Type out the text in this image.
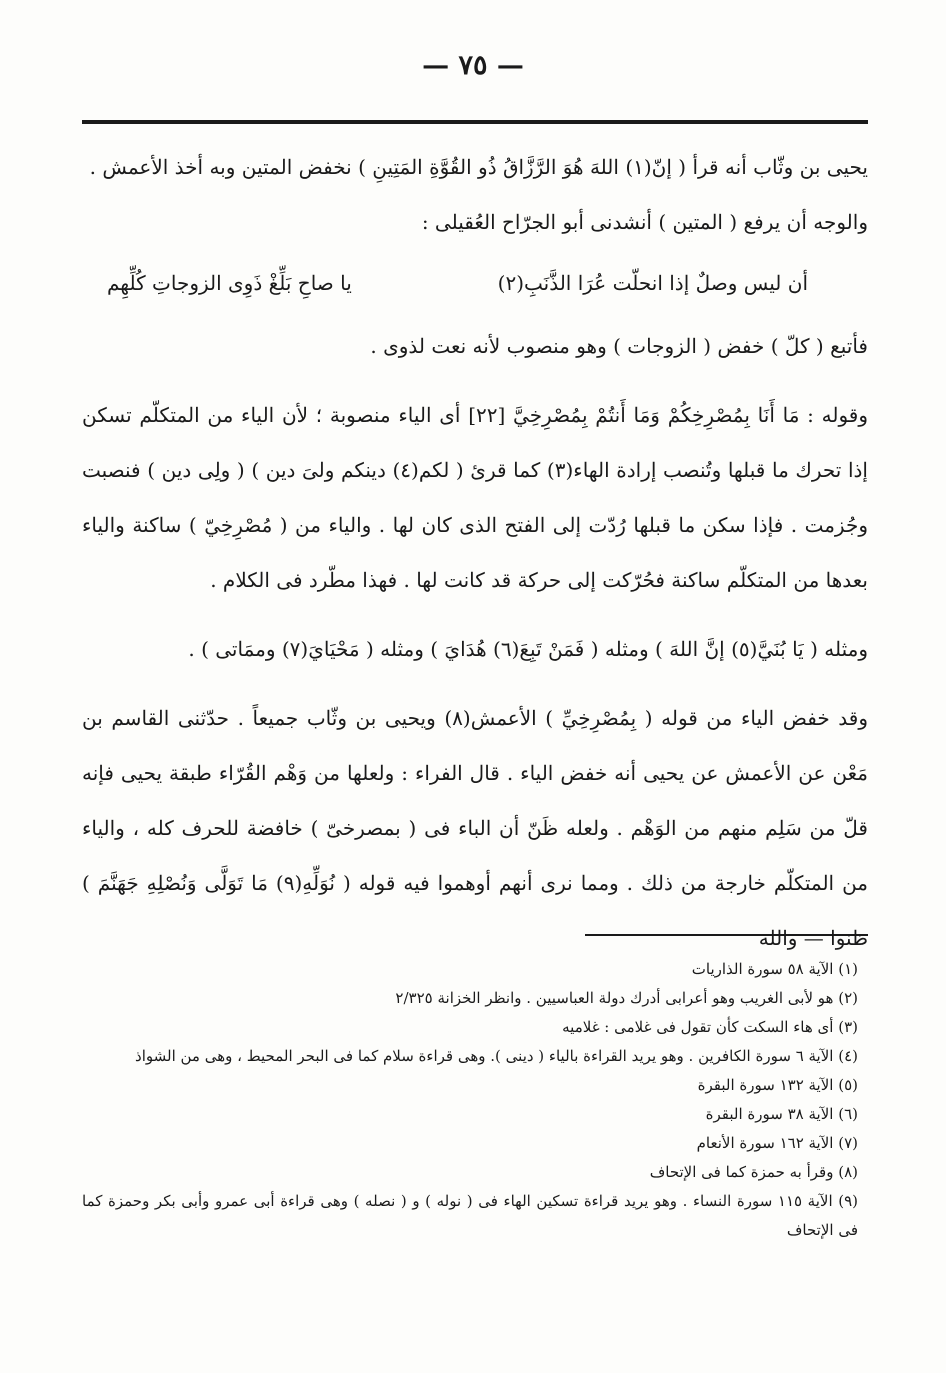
— ٧٥ —

يحيى بن وثّاب أنه قرأ ( إنّ(١) اللهَ هُوَ الرَّزَّاقُ ذُو القُوَّةِ المَتِينِ ) نخفض المتين وبه أخذ الأعمش .

والوجه أن يرفع ( المتين ) أنشدنى أبو الجرّاح العُقيلى :

يا صاحِ بَلِّغْ ذَوِى الزوجاتِ كُلِّهِم	أن ليس وصلٌ إذا انحلّت عُرَا الذَّنَبِ(٢)

فأتبع ( كلّ ) خفض ( الزوجات ) وهو منصوب لأنه نعت لذوى .

وقوله : مَا أَنَا بِمُصْرِخِكُمْ وَمَا أَنتُمْ بِمُصْرِخِيَّ [٢٢] أى الياء منصوبة ؛ لأن الياء من المتكلّم تسكن إذا تحرك ما قبلها وتُنصب إرادة الهاء(٣) كما قرئ ( لكم(٤) دينكم ولىَ دين ) ( ولِى دين ) فنصبت وجُزمت . فإذا سكن ما قبلها رُدّت إلى الفتح الذى كان لها . والياء من ( مُصْرِخِيّ ) ساكنة والياء بعدها من المتكلّم ساكنة فحُرّكت إلى حركة قد كانت لها . فهذا مطّرد فى الكلام .

ومثله ( يَا بُنَيَّ(٥) إنَّ اللهَ ) ومثله ( فَمَنْ تَبِعَ(٦) هُدَايَ ) ومثله ( مَحْيَايَ(٧) وممَاتى ) .

وقد خفض الياء من قوله ( بِمُصْرِخِيِّ ) الأعمش(٨) ويحيى بن وثّاب جميعاً . حدّثنى القاسم بن مَعْن عن الأعمش عن يحيى أنه خفض الياء . قال الفراء : ولعلها من وَهْم القُرّاء طبقة يحيى فإنه قلّ من سَلِم منهم من الوَهْم . ولعله ظَنّ أن الباء فى ( بمصرخىّ ) خافضة للحرف كله ، والياء من المتكلّم خارجة من ذلك . ومما نرى أنهم أوهموا فيه قوله ( نُوَلِّهِ(٩) مَا تَوَلَّى وَنُصْلِهِ جَهَنَّمَ ) ظنوا — والله

(١) الآية ٥٨ سورة الذاريات

(٢) هو لأبى الغريب وهو أعرابى أدرك دولة العباسيين . وانظر الخزانة ٢/٣٢٥

(٣) أى هاء السكت كأن تقول فى غلامى : غلاميه

(٤) الآية ٦ سورة الكافرين . وهو يريد القراءة بالياء ( دينى ). وهى قراءة سلام كما فى البحر المحيط ، وهى من الشواذ

(٥) الآية ١٣٢ سورة البقرة

(٦) الآية ٣٨ سورة البقرة

(٧) الآية ١٦٢ سورة الأنعام

(٨) وقرأ به حمزة كما فى الإتحاف

(٩) الآية ١١٥ سورة النساء . وهو يريد قراءة تسكين الهاء فى ( نوله ) و ( نصله ) وهى قراءة أبى عمرو وأبى بكر وحمزة كما فى الإتحاف
